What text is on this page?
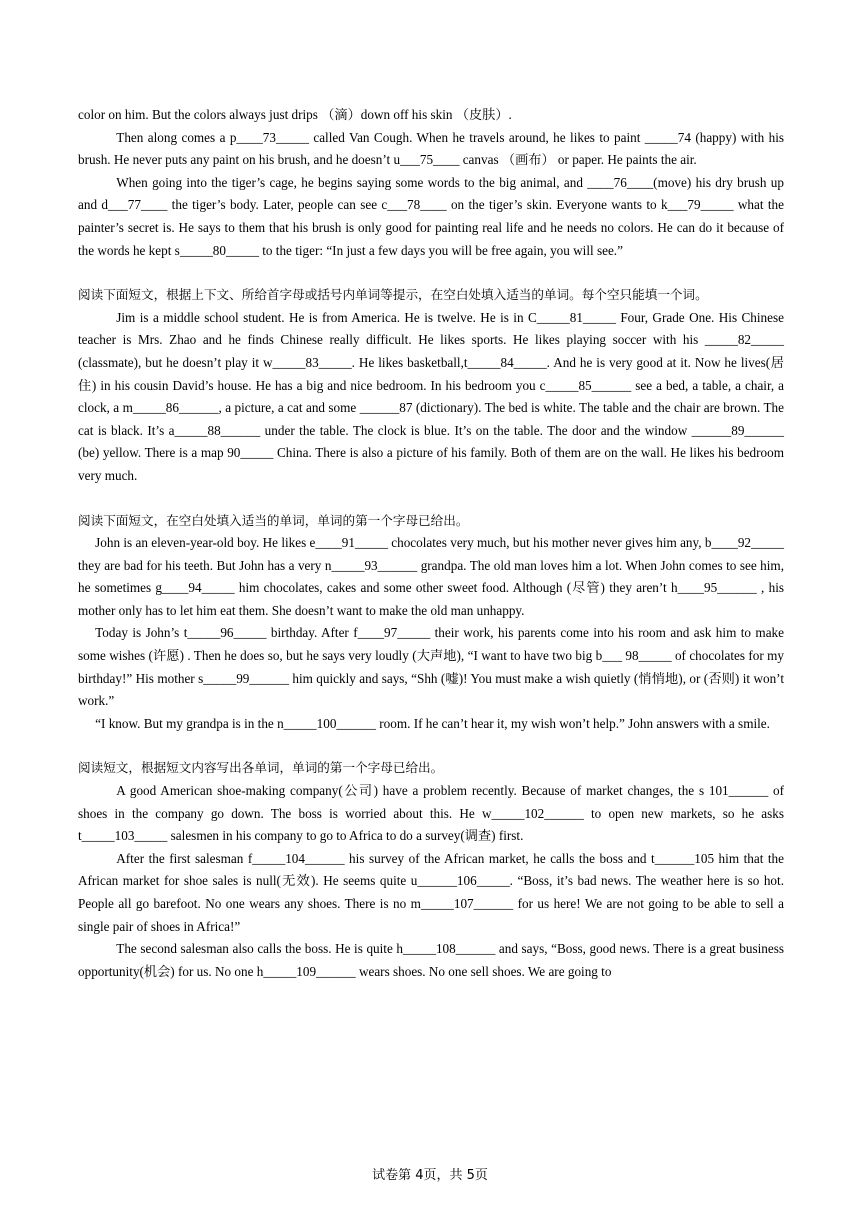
color on him. But the colors always just drips （滴）down off his skin （皮肤）.

Then along comes a p____73_____ called Van Cough. When he travels around, he likes to paint _____74 (happy) with his brush. He never puts any paint on his brush, and he doesn’t u___75____ canvas （画布） or paper. He paints the air.

When going into the tiger’s cage, he begins saying some words to the big animal, and ____76____(move) his dry brush up and d___77____ the tiger’s body. Later, people can see c___78____ on the tiger’s skin. Everyone wants to k___79_____ what the painter’s secret is. He says to them that his brush is only good for painting real life and he needs no colors. He can do it because of the words he kept s_____80_____ to the tiger: “In just a few days you will be free again, you will see.”

阅读下面短文，根据上下文、所给首字母或括号内单词等提示，在空白处填入适当的单词。每个空只能填一个词。

Jim is a middle school student. He is from America. He is twelve. He is in C_____81_____ Four, Grade One. His Chinese teacher is Mrs. Zhao and he finds Chinese really difficult. He likes sports. He likes playing soccer with his _____82_____ (classmate), but he doesn’t play it w_____83_____. He likes basketball,t_____84_____. And he is very good at it. Now he lives(居住) in his cousin David’s house. He has a big and nice bedroom. In his bedroom you c_____85______ see a bed, a table, a chair, a clock, a m_____86______, a picture, a cat and some ______87 (dictionary). The bed is white. The table and the chair are brown. The cat is black. It’s a_____88______ under the table. The clock is blue. It’s on the table. The door and the window ______89______ (be) yellow. There is a map 90_____ China. There is also a picture of his family. Both of them are on the wall. He likes his bedroom very much.

阅读下面短文，在空白处填入适当的单词，单词的第一个字母已给出。

John is an eleven-year-old boy. He likes e____91_____ chocolates very much, but his mother never gives him any, b____92_____ they are bad for his teeth. But John has a very n_____93______ grandpa. The old man loves him a lot. When John comes to see him, he sometimes g____94_____ him chocolates, cakes and some other sweet food. Although (尽管) they aren’t h____95______ , his mother only has to let him eat them. She doesn’t want to make the old man unhappy.

Today is John’s t_____96_____ birthday. After f____97_____ their work, his parents come into his room and ask him to make some wishes (许愿) . Then he does so, but he says very loudly (大声地), “I want to have two big b___ 98_____ of chocolates for my birthday!” His mother s_____99______ him quickly and says, “Shh (嘘)! You must make a wish quietly (悄悄地), or (否则) it won’t work.”

“I know. But my grandpa is in the n_____100______ room. If he can’t hear it, my wish won’t help.” John answers with a smile.

阅读短文，根据短文内容写出各单词，单词的第一个字母已给出。

A good American shoe-making company(公司) have a problem recently. Because of market changes, the s 101______ of shoes in the company go down. The boss is worried about this. He w_____102______ to open new markets, so he asks t_____103_____ salesmen in his company to go to Africa to do a survey(调查) first.

After the first salesman f_____104______ his survey of the African market, he calls the boss and t______105 him that the African market for shoe sales is null(无效). He seems quite u______106_____. “Boss, it’s bad news. The weather here is so hot. People all go barefoot. No one wears any shoes. There is no m_____107______ for us here! We are not going to be able to sell a single pair of shoes in Africa!”

The second salesman also calls the boss. He is quite h_____108______ and says, “Boss, good news. There is a great business opportunity(机会) for us. No one h_____109______ wears shoes. No one sell shoes. We are going to

试卷第 4页，共 5页
